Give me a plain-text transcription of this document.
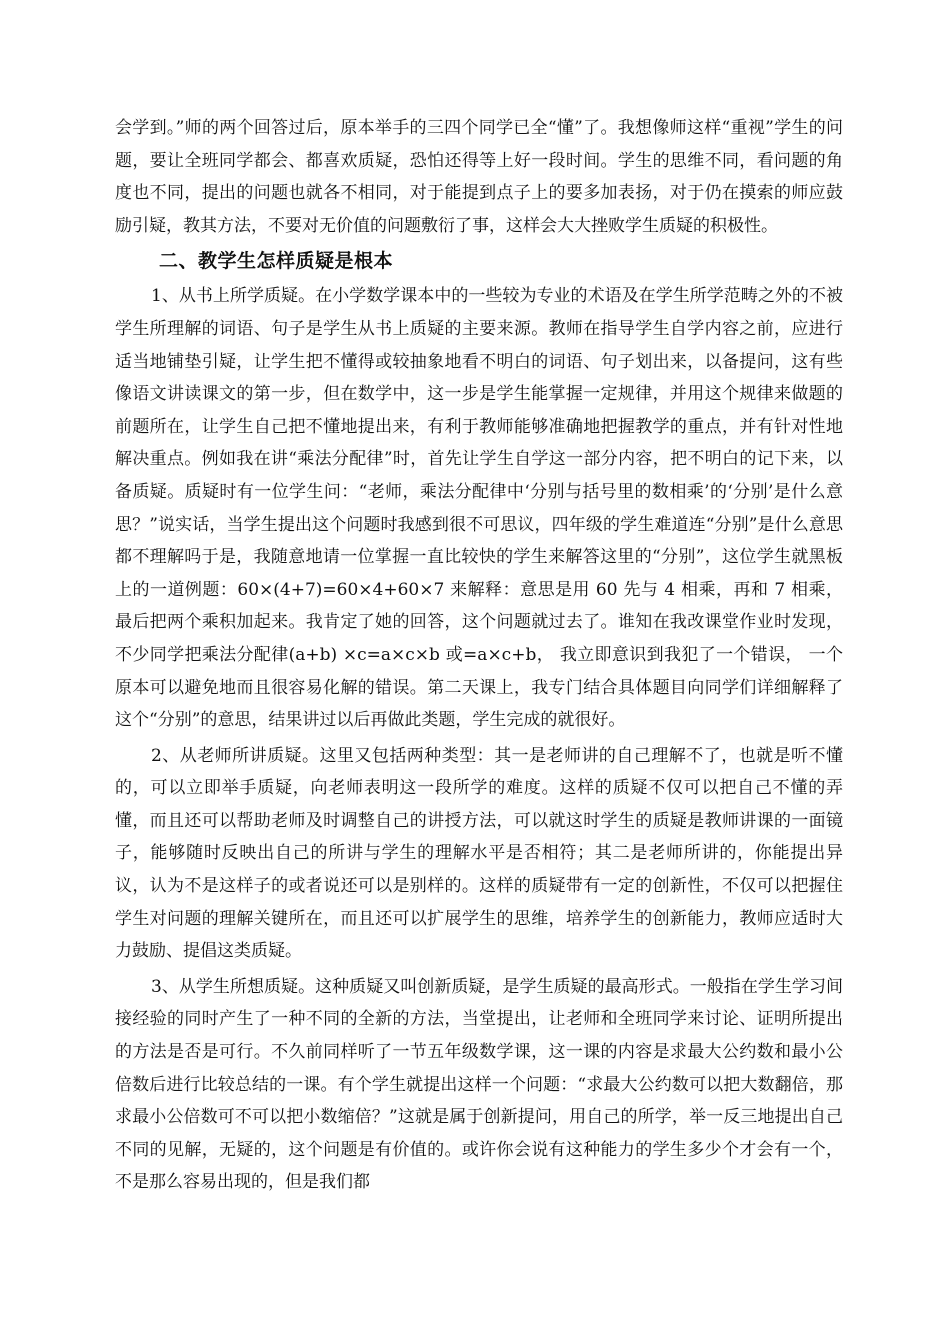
会学到。”师的两个回答过后，原本举手的三四个同学已全“懂”了。我想像师这样“重视”学生的问题，要让全班同学都会、都喜欢质疑，恐怕还得等上好一段时间。学生的思维不同，看问题的角度也不同，提出的问题也就各不相同，对于能提到点子上的要多加表扬，对于仍在摸索的师应鼓励引疑，教其方法，不要对无价值的问题敷衍了事，这样会大大挫败学生质疑的积极性。

二、教学生怎样质疑是根本

1、从书上所学质疑。在小学数学课本中的一些较为专业的术语及在学生所学范畴之外的不被学生所理解的词语、句子是学生从书上质疑的主要来源。教师在指导学生自学内容之前，应进行适当地铺垫引疑，让学生把不懂得或较抽象地看不明白的词语、句子划出来，以备提问，这有些像语文讲读课文的第一步，但在数学中，这一步是学生能掌握一定规律，并用这个规律来做题的前题所在，让学生自己把不懂地提出来，有利于教师能够准确地把握教学的重点，并有针对性地解决重点。例如我在讲“乘法分配律”时，首先让学生自学这一部分内容，把不明白的记下来，以备质疑。质疑时有一位学生问：“老师，乘法分配律中‘分别与括号里的数相乘’的‘分别’是什么意思？”说实话，当学生提出这个问题时我感到很不可思议，四年级的学生难道连“分别”是什么意思都不理解吗于是，我随意地请一位掌握一直比较快的学生来解答这里的“分别”，这位学生就黑板上的一道例题：60×(4+7)=60×4+60×7 来解释：意思是用 60 先与 4 相乘，再和 7 相乘，最后把两个乘积加起来。我肯定了她的回答，这个问题就过去了。谁知在我改课堂作业时发现，不少同学把乘法分配律(a+b) ×c=a×c×b 或=a×c+b， 我立即意识到我犯了一个错误， 一个原本可以避免地而且很容易化解的错误。第二天课上，我专门结合具体题目向同学们详细解释了这个“分别”的意思，结果讲过以后再做此类题，学生完成的就很好。

2、从老师所讲质疑。这里又包括两种类型：其一是老师讲的自己理解不了，也就是听不懂的，可以立即举手质疑，向老师表明这一段所学的难度。这样的质疑不仅可以把自己不懂的弄懂，而且还可以帮助老师及时调整自己的讲授方法，可以就这时学生的质疑是教师讲课的一面镜子，能够随时反映出自己的所讲与学生的理解水平是否相符；其二是老师所讲的，你能提出异议，认为不是这样子的或者说还可以是别样的。这样的质疑带有一定的创新性，不仅可以把握住学生对问题的理解关键所在，而且还可以扩展学生的思维，培养学生的创新能力，教师应适时大力鼓励、提倡这类质疑。

3、从学生所想质疑。这种质疑又叫创新质疑，是学生质疑的最高形式。一般指在学生学习间接经验的同时产生了一种不同的全新的方法，当堂提出，让老师和全班同学来讨论、证明所提出的方法是否是可行。不久前同样听了一节五年级数学课，这一课的内容是求最大公约数和最小公倍数后进行比较总结的一课。有个学生就提出这样一个问题：“求最大公约数可以把大数翻倍，那求最小公倍数可不可以把小数缩倍？”这就是属于创新提问，用自己的所学，举一反三地提出自己不同的见解，无疑的，这个问题是有价值的。或许你会说有这种能力的学生多少个才会有一个，不是那么容易出现的，但是我们都
